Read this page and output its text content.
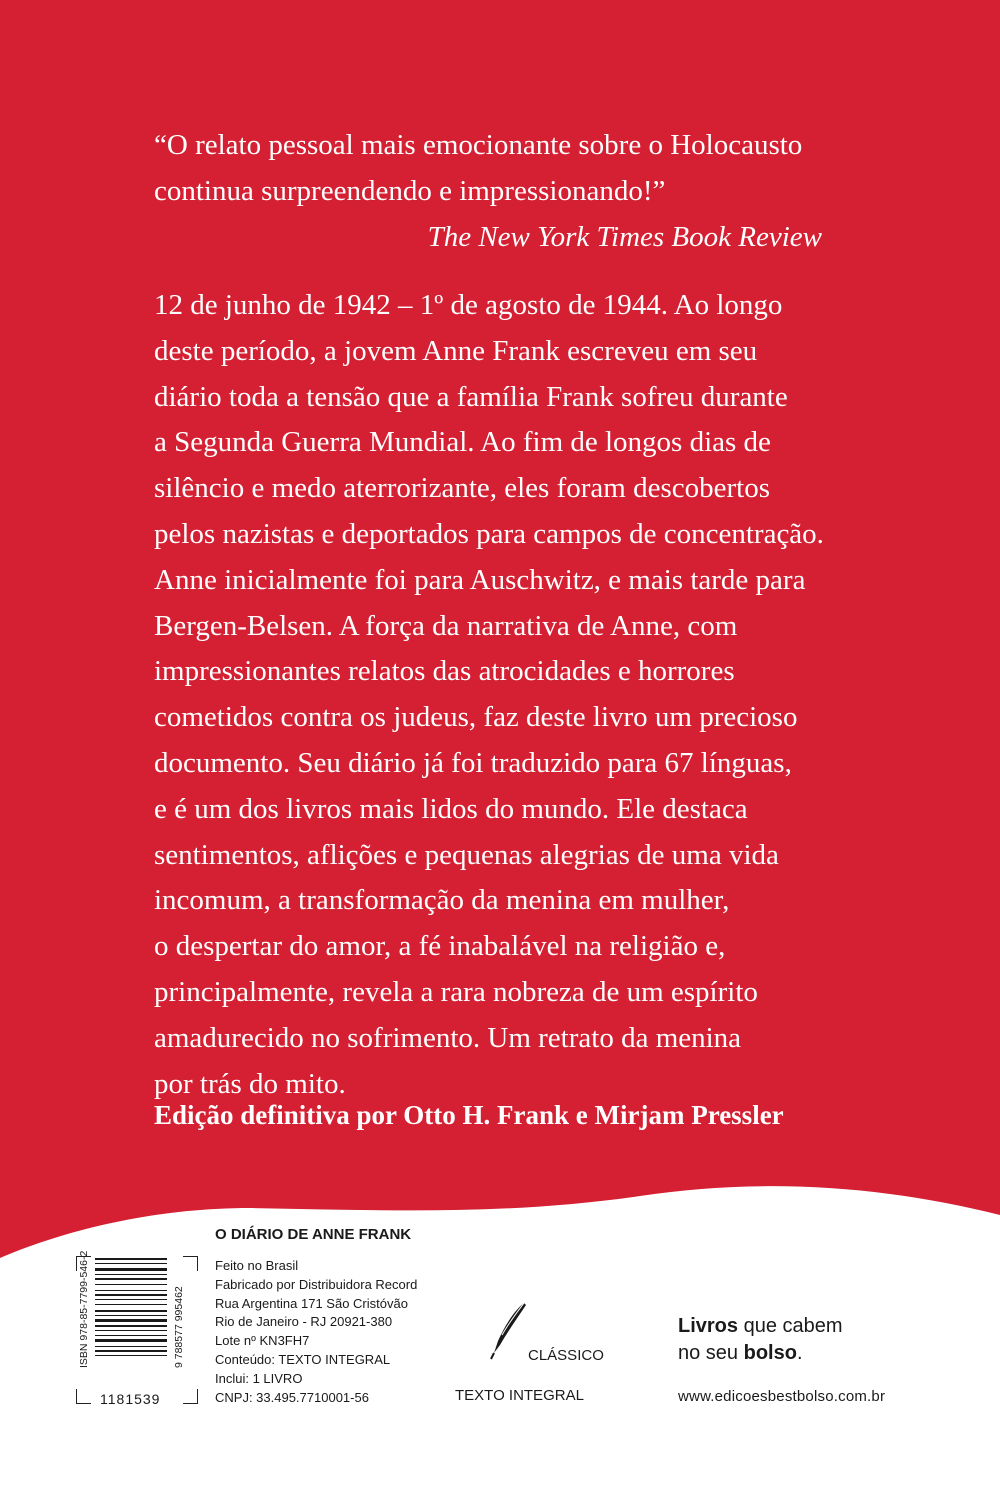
“O relato pessoal mais emocionante sobre o Holocausto

continua surpreendendo e impressionando!”

The New York Times Book Review

12 de junho de 1942 – 1º de agosto de 1944. Ao longo
deste período, a jovem Anne Frank escreveu em seu
diário toda a tensão que a família Frank sofreu durante
a Segunda Guerra Mundial. Ao fim de longos dias de
silêncio e medo aterrorizante, eles foram descobertos
pelos nazistas e deportados para campos de concentração.
Anne inicialmente foi para Auschwitz, e mais tarde para
Bergen-Belsen. A força da narrativa de Anne, com
impressionantes relatos das atrocidades e horrores
cometidos contra os judeus, faz deste livro um precioso
documento. Seu diário já foi traduzido para 67 línguas,
e é um dos livros mais lidos do mundo. Ele destaca
sentimentos, aflições e pequenas alegrias de uma vida
incomum, a transformação da menina em mulher,
o despertar do amor, a fé inabalável na religião e,
principalmente, revela a rara nobreza de um espírito
amadurecido no sofrimento. Um retrato da menina
por trás do mito.
Edição definitiva por Otto H. Frank e Mirjam Pressler
O DIÁRIO DE ANNE FRANK
Feito no Brasil
Fabricado por Distribuidora Record
Rua Argentina 171 São Cristóvão
Rio de Janeiro - RJ 20921-380
Lote nº KN3FH7
Conteúdo: TEXTO INTEGRAL
Inclui: 1 LIVRO
CNPJ: 33.495.7710001-56
ISBN 978-85-7799-546-2	9 788577 995462
1181539
CLÁSSICO
TEXTO INTEGRAL
Livros que cabem
no seu bolso.
www.edicoesbestbolso.com.br
